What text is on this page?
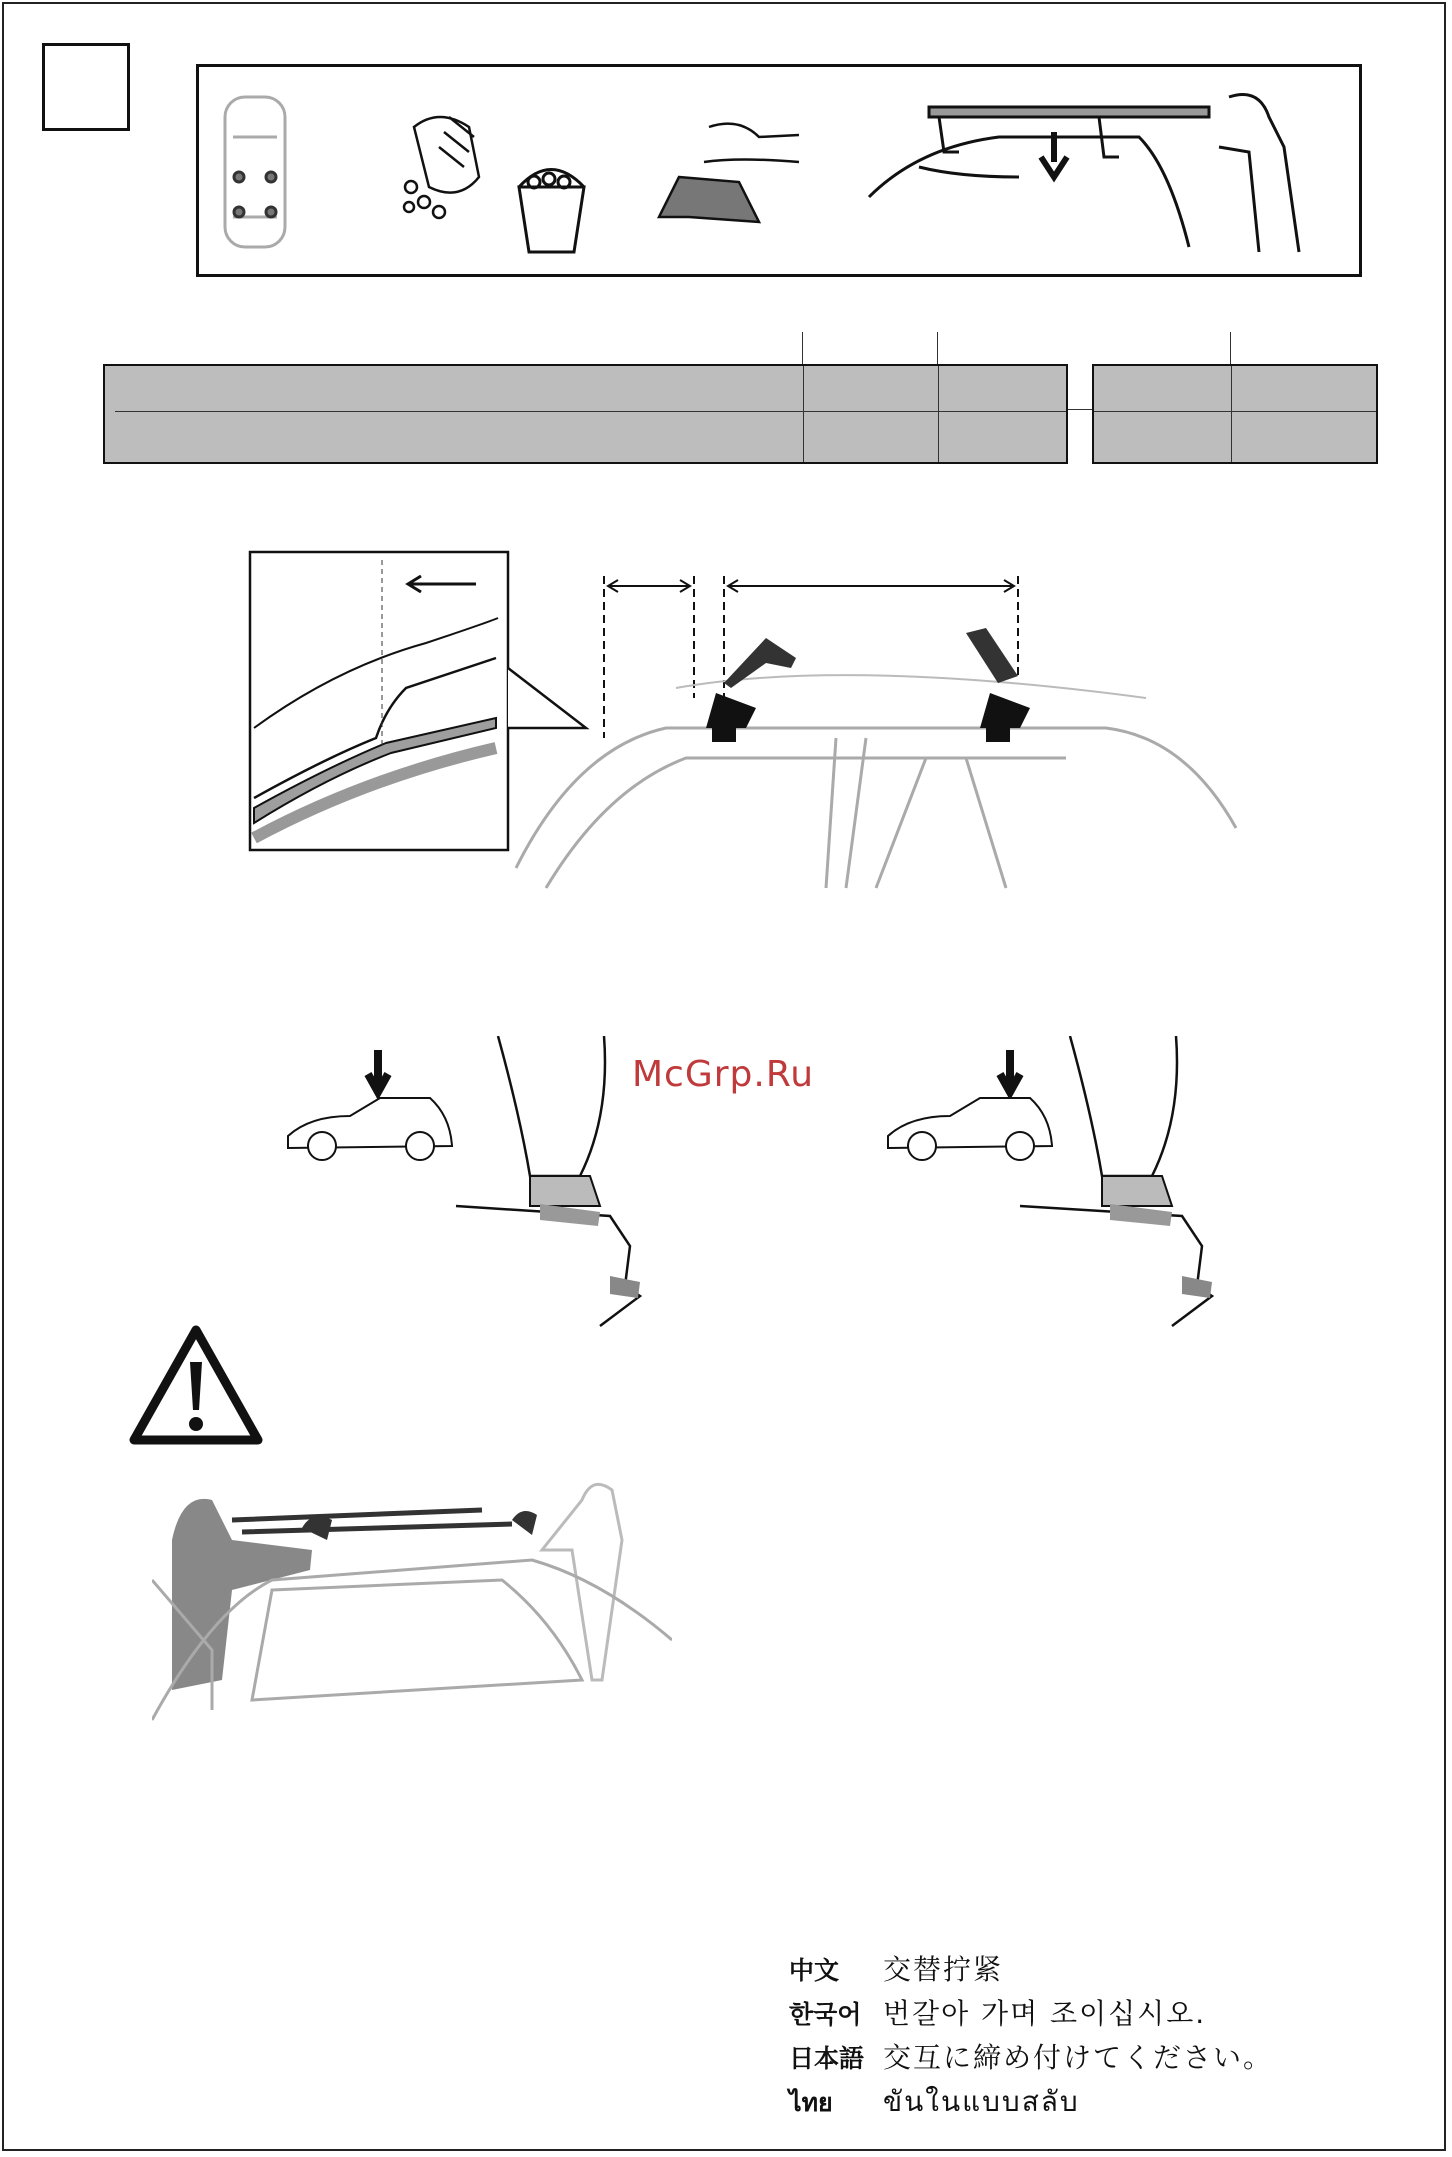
McGrp.Ru
中文	交替拧紧
한국어 번갈아 가며 조이십시오.
日本語 交互に締め付けてください。
ไทย	ขันในแบบสลับ
